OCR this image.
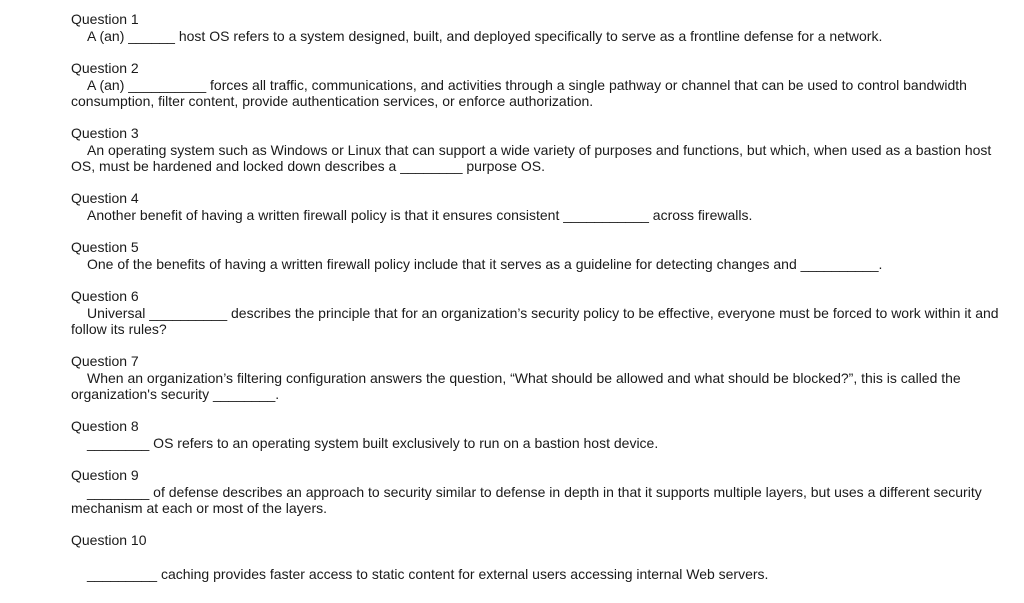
Question 1
A (an) ______ host OS refers to a system designed, built, and deployed specifically to serve as a frontline defense for a network.
Question 2
A (an) __________ forces all traffic, communications, and activities through a single pathway or channel that can be used to control bandwidth consumption, filter content, provide authentication services, or enforce authorization.
Question 3
An operating system such as Windows or Linux that can support a wide variety of purposes and functions, but which, when used as a bastion host OS, must be hardened and locked down describes a ________ purpose OS.
Question 4
Another benefit of having a written firewall policy is that it ensures consistent ___________ across firewalls.
Question 5
One of the benefits of having a written firewall policy include that it serves as a guideline for detecting changes and __________.
Question 6
Universal __________ describes the principle that for an organization’s security policy to be effective, everyone must be forced to work within it and follow its rules?
Question 7
When an organization’s filtering configuration answers the question, “What should be allowed and what should be blocked?”, this is called the organization's security ________.
Question 8
________ OS refers to an operating system built exclusively to run on a bastion host device.
Question 9
________ of defense describes an approach to security similar to defense in depth in that it supports multiple layers, but uses a different security mechanism at each or most of the layers.
Question 10
_________ caching provides faster access to static content for external users accessing internal Web servers.
